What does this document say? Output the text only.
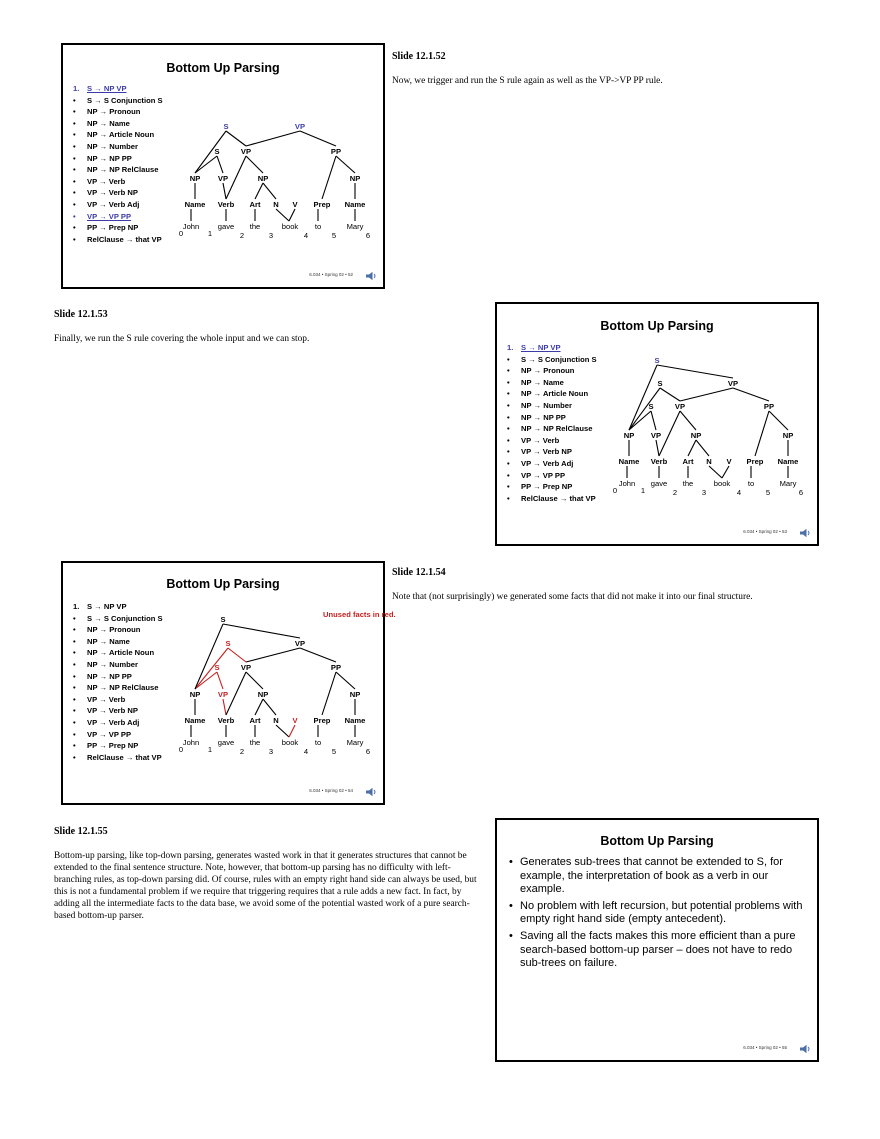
Bottom Up Parsing
1. S → NP VP
• S → S Conjunction S
• NP → Pronoun
• NP → Name
• NP → Article Noun
• NP → Number
• NP → NP PP
• NP → NP RelClause
• VP → Verb
• VP → Verb NP
• VP → Verb Adj
• VP → VP PP
• PP → Prep NP
• RelClause → that VP
John gave the	book to	Mary
0	1	2	3	4	5	6
Name Verb Art N V Prep Name
NP VP	NP	NP
S	VP	PP
S	VP
6.034 • Spring 02 • 52
Slide 12.1.52
Now, we trigger and run the S rule again as well as the VP->VP PP rule.
Slide 12.1.53
Finally, we run the S rule covering the whole input and we can stop.
Bottom Up Parsing
1. S → NP VP
• S → S Conjunction S
• NP → Pronoun
• NP → Name
• NP → Article Noun
• NP → Number
• NP → NP PP
• NP → NP RelClause
• VP → Verb
• VP → Verb NP
• VP → Verb Adj
• VP → VP PP
• PP → Prep NP
• RelClause → that VP
John gave the	book to	Mary
0	1	2	3	4	5	6
Name Verb Art N V Prep Name
NP VP	NP	NP
S	VP	PP
S	VP
S
6.034 • Spring 02 • 53
Bottom Up Parsing
1. S → NP VP
• S → S Conjunction S
• NP → Pronoun
• NP → Name
• NP → Article Noun
• NP → Number
• NP → NP PP
• NP → NP RelClause
• VP → Verb
• VP → Verb NP
• VP → Verb Adj
• VP → VP PP
• PP → Prep NP
• RelClause → that VP
Unused facts in red.
John gave the	book to	Mary
0	1	2	3	4	5	6
Name Verb Art N V Prep Name
NP VP	NP	NP
S	VP	PP
S	VP
S
6.034 • Spring 02 • 54
Slide 12.1.54
Note that (not surprisingly) we generated some facts that did not make it into our final structure.
Slide 12.1.55
Bottom-up parsing, like top-down parsing, generates wasted work in that it generates structures that cannot be extended to the final sentence structure. Note, however, that bottom-up parsing has no difficulty with left-branching rules, as top-down parsing did. Of course, rules with an empty right hand side can always be used, but this is not a fundamental problem if we require that triggering requires that a rule adds a new fact. In fact, by adding all the intermediate facts to the data base, we avoid some of the potential wasted work of a pure search-based bottom-up parser.
Bottom Up Parsing
• Generates sub-trees that cannot be extended to S, for example, the interpretation of book as a verb in our example.
• No problem with left recursion, but potential problems with empty right hand side (empty antecedent).
• Saving all the facts makes this more efficient than a pure search-based bottom-up parser – does not have to redo sub-trees on failure.
6.034 • Spring 02 • 55
